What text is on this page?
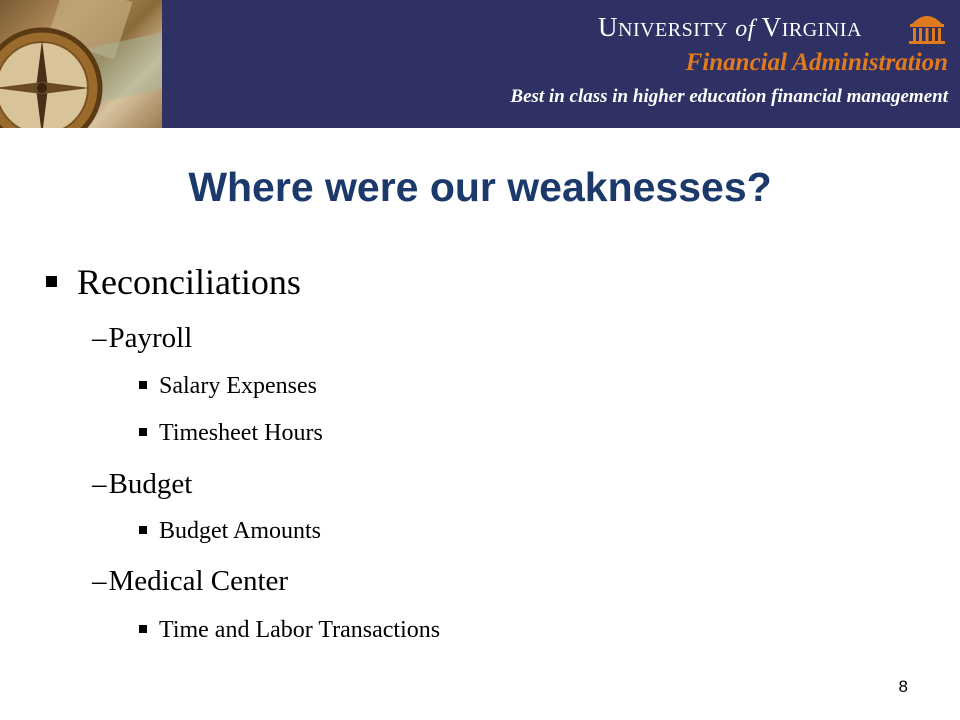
UNIVERSITY of VIRGINIA
Financial Administration
Best in class in higher education financial management
Where were our weaknesses?
Reconciliations
–Payroll
Salary Expenses
Timesheet Hours
–Budget
Budget Amounts
–Medical Center
Time and Labor Transactions
8
